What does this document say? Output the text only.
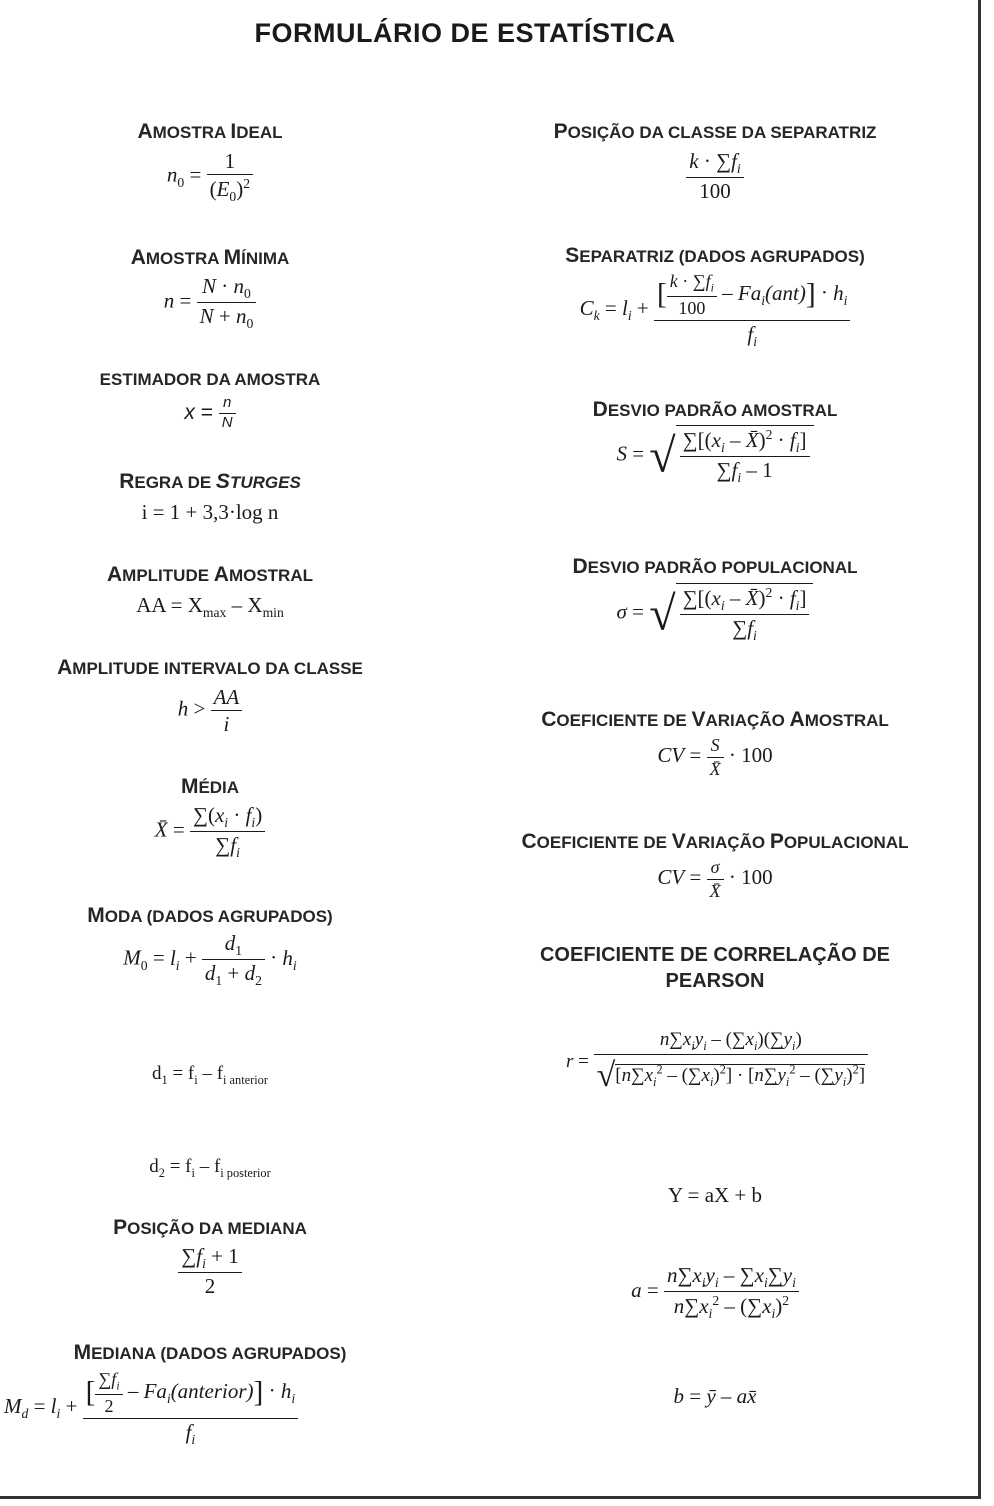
FORMULÁRIO DE ESTATÍSTICA
AMOSTRA IDEAL
$n_0 = \frac{1}{(E_0)^2}$
AMOSTRA MÍNIMA
$n = \frac{N \cdot n_0}{N + n_0}$
ESTIMADOR DA AMOSTRA
$x = \frac{n}{N}$
REGRA DE STURGES
i = 1 + 3,3·log n
AMPLITUDE AMOSTRAL
AA = $X_{max} - X_{min}$
AMPLITUDE INTERVALO DA CLASSE
$h > \frac{AA}{i}$
MÉDIA
X̄ = $\frac{\sum(x_i \cdot f_i)}{\sum f_i}$
MODA (DADOS AGRUPADOS)
$M_0 = l_i + \frac{d_1}{d_1 + d_2} \cdot h_i$
$d_1 = f_i - f_{i anterior}$
$d_2 = f_i - f_{i posterior}$
POSIÇÃO DA MEDIANA
$\frac{\sum f_i + 1}{2}$
MEDIANA (DADOS AGRUPADOS)
$M_d = l_i + \frac{[ \frac{\sum f_i}{2} - Fa_i(anterior)] \cdot h_i}{f_i}$
POSIÇÃO DA CLASSE DA SEPARATRIZ
$\frac{k \cdot \sum f_i}{100}$
SEPARATRIZ (DADOS AGRUPADOS)
$C_k = l_i + \frac{[ \frac{k \cdot \sum f_i}{100} - Fa_i(ant)] \cdot h_i}{f_i}$
DESVIO PADRÃO AMOSTRAL
S = √ $\frac{\sum[(x_i - X̄)^2 \cdot f_i]}{\sum f_i - 1}$
DESVIO PADRÃO POPULACIONAL
σ = √ $\frac{\sum[(x_i - X̄)^2 \cdot f_i]}{\sum f_i}$
COEFICIENTE DE VARIAÇÃO AMOSTRAL
CV = $\frac{S}{X̄} \cdot 100$
COEFICIENTE DE VARIAÇÃO POPULACIONAL
CV = $\frac{\sigma}{X̄} \cdot 100$
COEFICIENTE DE CORRELAÇÃO DE
PEARSON
$r = \frac{n\sum x_iy_i - (\sum x_i)(\sum y_i)}{√[n\sum x_i^2 - (\sum x_i)^2] \cdot [n\sum y_i^2 - (\sum y_i)^2]}$
Y = aX + b
$a = \frac{n\sum x_iy_i - \sum x_i\sum y_i}{n\sum x_i^2 - (\sum x_i)^2}$
b = ȳ – ax̄
